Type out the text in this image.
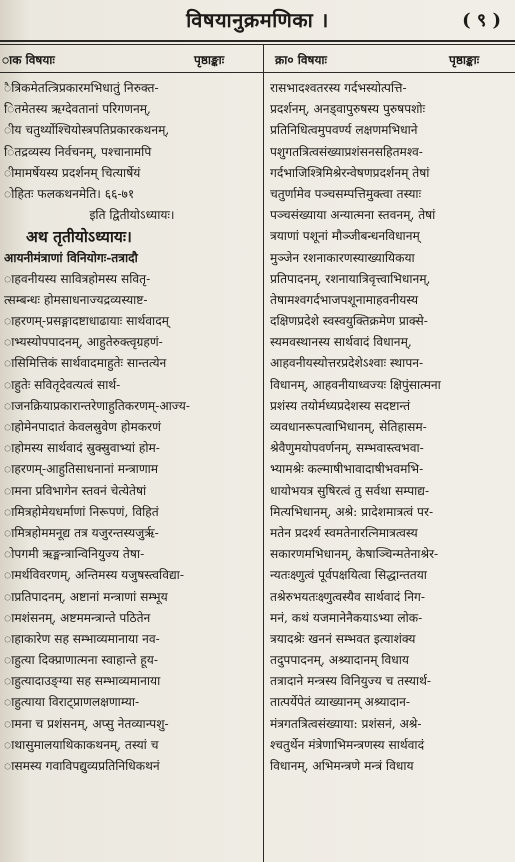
विषयानुक्रमणिका ।	( ९ )
ाक विषयाः	पृष्ठाङ्काः	क्रा० विषयाः	पृष्ठाङ्काः
ैत्रिकमेतत्त्रिप्रकारमभिधातुं निरुक्त-
ितमेतस्य ऋग्देवतानां परिगणनम्,
ीय चतुर्थ्योश्चियोस्त्रपतिप्रकारकथनम्,
ितद्रव्यस्य निर्वचनम्, पश्चानामपि
ीमामर्षेयस्य प्रदर्शनम् चित्यार्षेयं
ोहितः फलकथनमेति। ६६-७१
इति द्वितीयोऽध्यायः।
अथ तृतीयोऽध्यायः।
आयनीमंत्राणां विनियोगः-तत्रादौ
ाहवनीयस्य सावित्रहोमस्य सवितृ-
त्सम्बन्धः होमसाधनाज्यद्रव्यस्याष्ट-
ाहरणम्-प्रसङ्गादष्टाधाढायाः सार्थवादम्
ाभ्यस्योपपादनम्, आहुतेरुक्त्वृग्रहणं-
ासिमित्तिकं सार्थवादमाहुतेः सान्तत्येन
ाहुतेः सवितृदेवत्यत्वं सार्थ-
ाजनक्रियाप्रकारान्तरेणाहुतिकरणम्-आज्य-
ाहोमेनपादातं केवलस्रुवेण होमकरणं
ाहोमस्य सार्थवादं स्रुक्स्रुवाभ्यां होम-
ाहरणम्-आहुतिसाधनानां मन्त्राणाम
ामना प्रविभागेन स्तवनं चेत्येतेषां
ामित्रहोमेयधर्माणां निरूपणं, विहितं
ामित्रहोममनूद्य तत्र यजुरन्तस्यजुर्ऋ-
ोपगमी ऋङ्मन्त्रान्विनियुज्य तेषा-
ामर्थविवरणम्, अन्तिमस्य यजुषस्त्वविद्या-
ाप्रतिपादनम्, अष्टानां मन्त्राणां सम्भूय
ामशंसनम्, अष्टममन्त्रान्ते पठितेन
ाहाकारेण सह सम्भाव्यमानाया नव-
ाहुत्या दिक्प्राणात्मना स्वाहान्ते हूय-
ाहुत्यादाउङ्ग्या सह सम्भाव्यमानाया
ाहुत्याया विराट्प्राणलक्षणाम्या-
ामना च प्रशंसनम्, अप्सु नेतव्यान्पशु-
ाथासुमालयाथिकाकथनम्, तस्यां च
ासमस्य गवाविपद्युव्यप्रतिनिधिकथनं
रासभादश्वतरस्य गर्दभस्योत्पत्ति-
प्रदर्शनम्, अनड्वापुरुषस्य पुरुषपशोः
प्रतिनिधित्वमुपवर्ण्य लक्षणमभिधाने
पशुगतत्रित्वसंख्याप्रशंसनसहितमश्व-
गर्दभाजिश्त्रिमिश्रेरन्वेषणप्रदर्शनम् तेषां
चतुर्णामेव पञ्चसम्पत्तिमुक्त्वा तस्याः
पञ्चसंख्याया अन्यात्मना स्तवनम्, तेषां
त्रयाणां पशूनां मौञ्जीबन्धनविधानम्
मुञ्जेन रशनाकारणस्याख्यायिकया
प्रतिपादनम्, रशनायात्रिवृत्त्वाभिधानम्,
तेषामश्वगर्दभाजपशूनामाहवनीयस्य
दक्षिणप्रदेशे स्वस्वयुक्तिक्रमेण प्राक्से-
स्यमवस्थानस्य सार्थवादं विधानम्,
आहवनीयस्योत्तरप्रदेशेऽश्वाः स्थापन-
विधानम्, आहवनीयाध्वज्यः क्षिपुंसात्मना
प्रशंस्य तयोर्मध्यप्रदेशस्य सदष्टान्तं
व्यवधानरूपत्वाभिधानम्, सेतिहासम-
श्रेवैणुमयोपवर्णनम्, सम्भवास्त्वभवा-
भ्यामश्रेः कल्माषीभावादाषीभवमभि-
धायोभयत्र सुषिरत्वं तु सर्वथा सम्पाद्य-
मित्यभिधानम्, अश्रे: प्रादेशमात्रत्वं पर-
मतेन प्रदर्श्य स्वमतेनारत्निमात्रत्वस्य
सकारणमभिधानम्, केषाञ्चिन्मतेनाश्रेर-
न्यतःक्ष्णुत्वं पूर्वपक्षयित्वा सिद्धान्ततया
तश्रेरुभयतःक्ष्णुत्वस्यैव सार्थवादं निग-
मनं, कथं यजमानेनैकयाऽभ्या लोक-
त्रयादश्रेः खननं सम्भवत इत्याशंक्य
तदुपपादनम्, अश्र्यादानम् विधाय
तत्रादाने मन्त्रस्य विनियुज्य च तस्यार्थ-
तात्पर्येपेतं व्याख्यानम् अश्र्यादान-
मंत्रगतत्रित्वसंख्याया: प्रशंसनं, अश्रे-
श्चतुर्थेन मंत्रेणाभिमन्त्रणस्य सार्थवादं
विधानम्, अभिमन्त्रणे मन्त्रं विधाय
